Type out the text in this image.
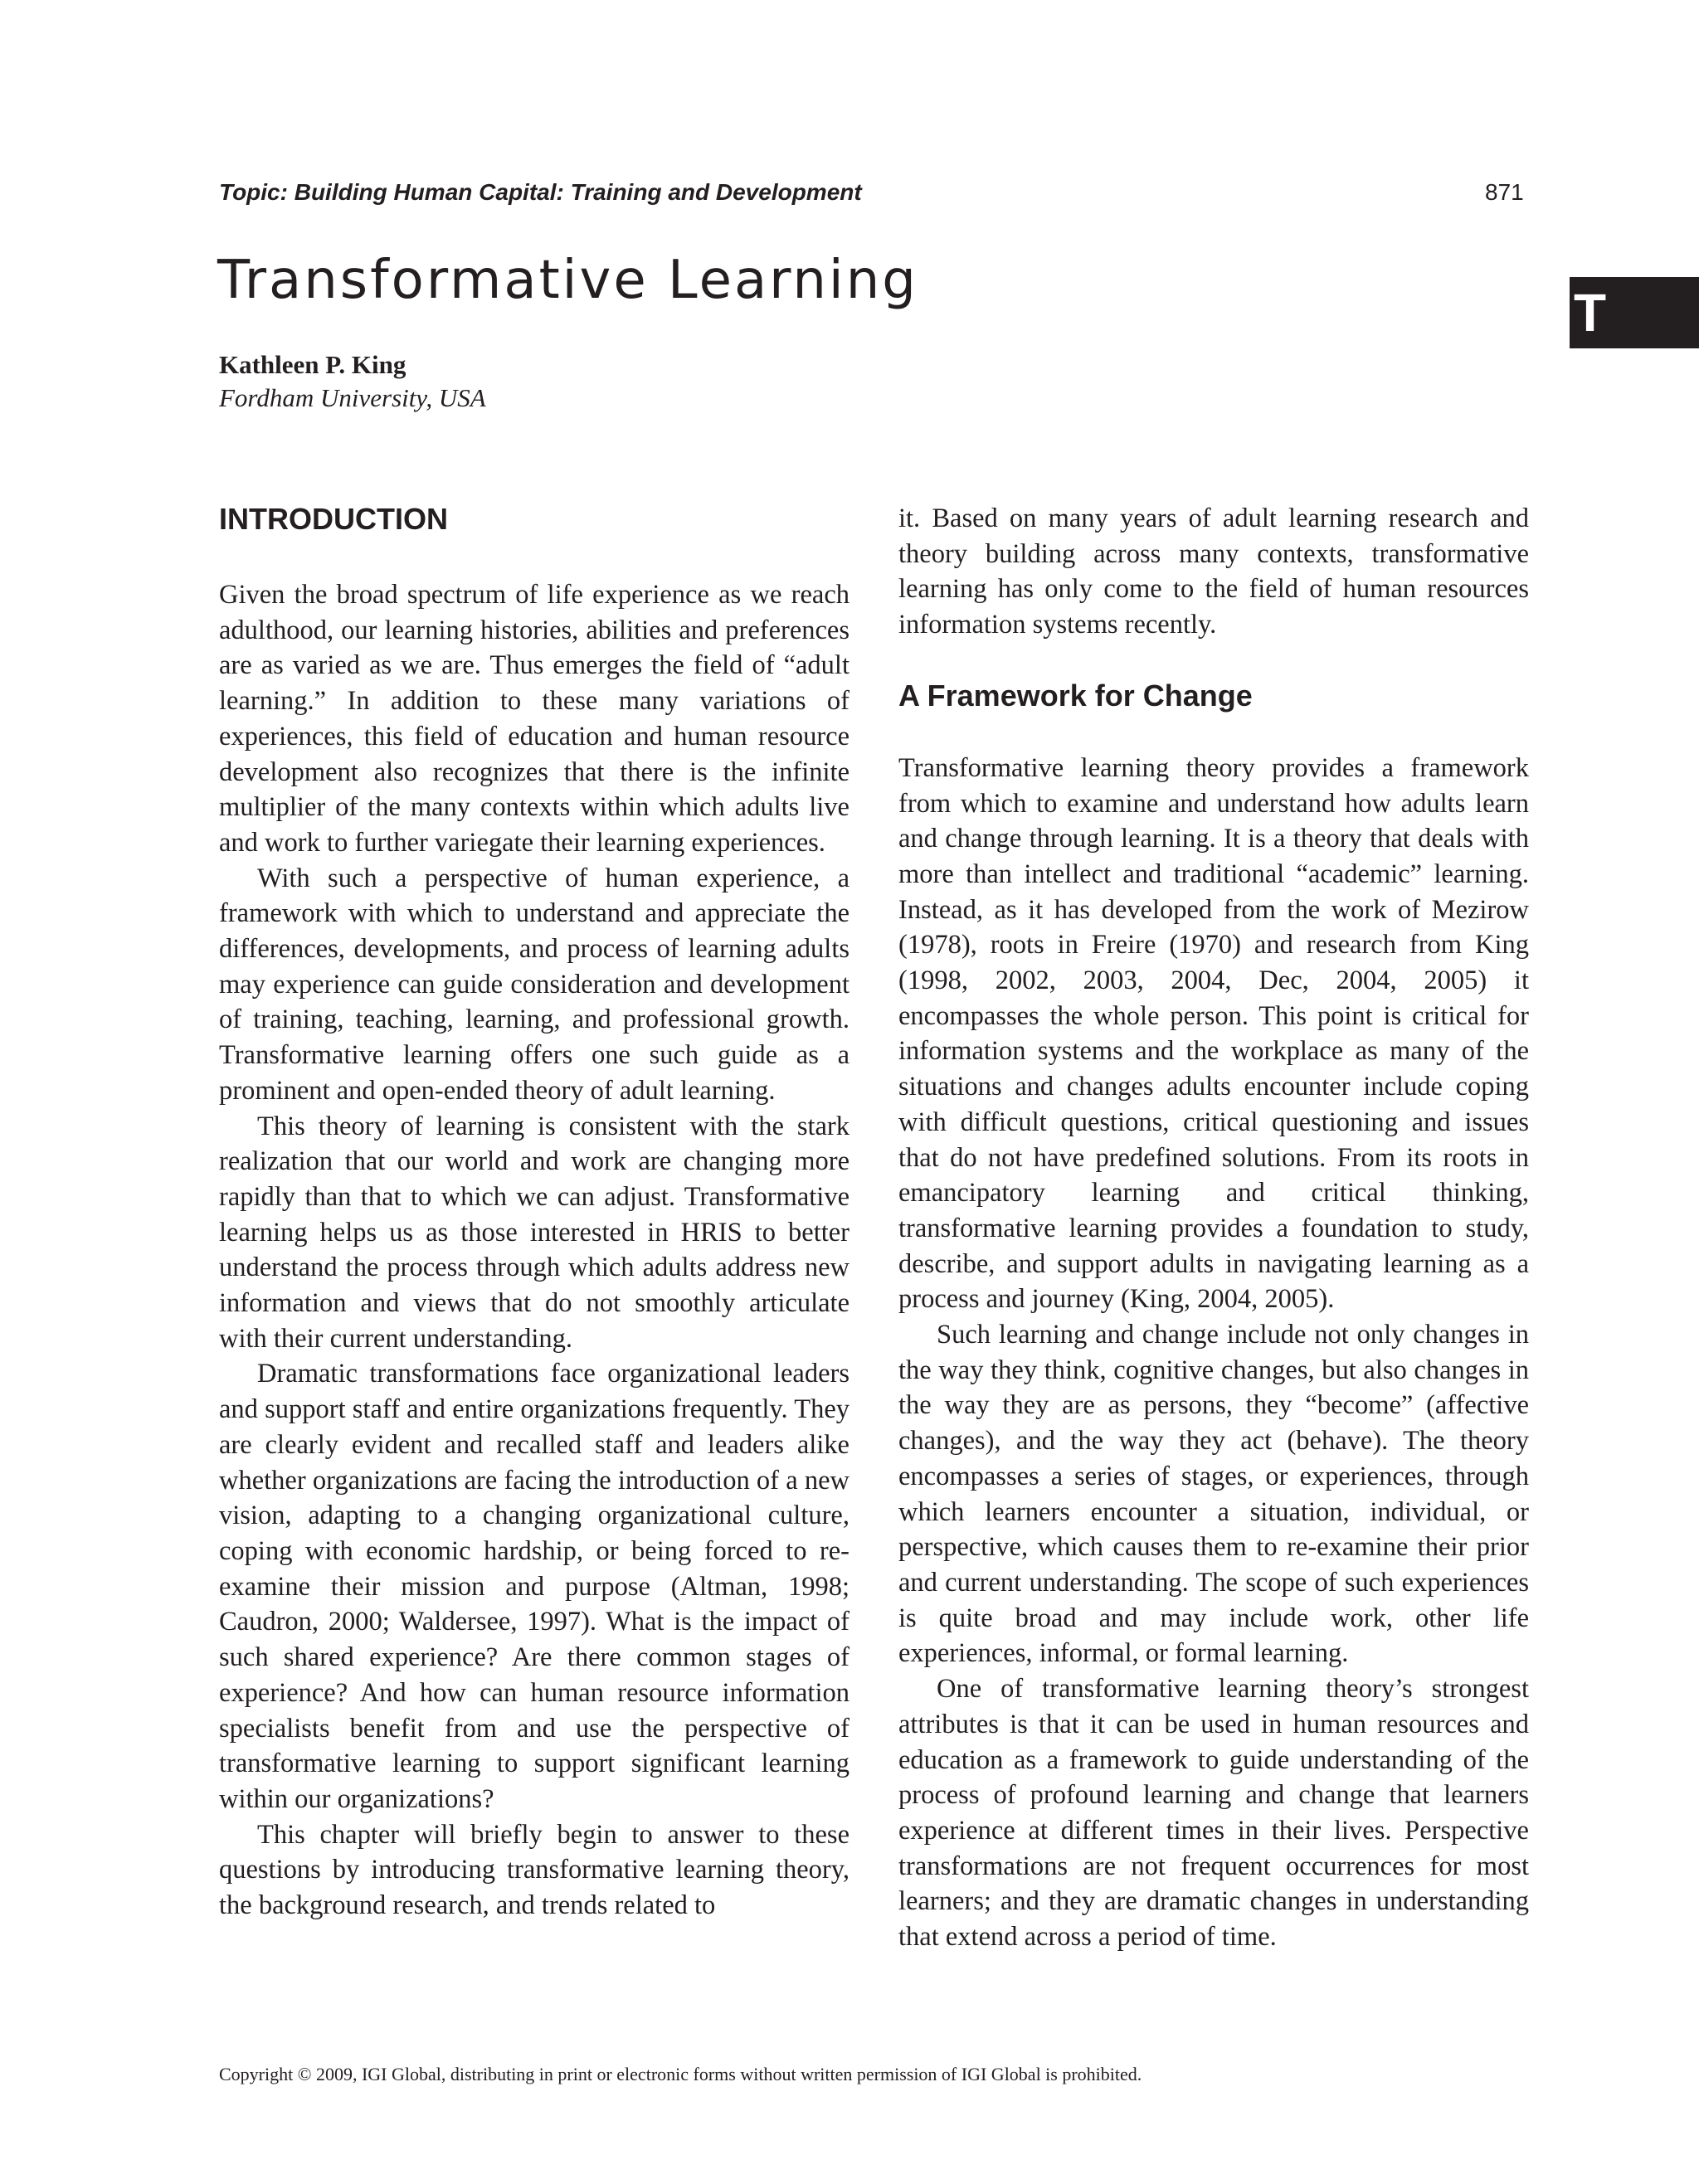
Topic: Building Human Capital: Training and Development	871

Transformative Learning
T
Kathleen P. King
Fordham University, USA
INTRODUCTION

Given the broad spectrum of life experience as we reach adulthood, our learning histories, abilities and preferences are as varied as we are. Thus emerges the field of “adult learning.” In addition to these many variations of experiences, this field of education and human resource development also recognizes that there is the infinite multiplier of the many contexts within which adults live and work to further variegate their learning experiences.

With such a perspective of human experience, a framework with which to understand and appreciate the differences, developments, and process of learning adults may experience can guide consideration and development of training, teaching, learning, and professional growth. Transformative learning offers one such guide as a prominent and open-ended theory of adult learning.

This theory of learning is consistent with the stark realization that our world and work are changing more rapidly than that to which we can adjust. Transformative learning helps us as those interested in HRIS to better understand the process through which adults address new information and views that do not smoothly articulate with their current understanding.

Dramatic transformations face organizational leaders and support staff and entire organizations frequently. They are clearly evident and recalled staff and leaders alike whether organizations are facing the introduction of a new vision, adapting to a changing organizational culture, coping with economic hardship, or being forced to re-examine their mission and purpose (Altman, 1998; Caudron, 2000; Waldersee, 1997). What is the impact of such shared experience? Are there common stages of experience? And how can human resource information specialists benefit from and use the perspective of transformative learning to support significant learning within our organizations?

This chapter will briefly begin to answer to these questions by introducing transformative learning theory, the background research, and trends related to

it. Based on many years of adult learning research and theory building across many contexts, transformative learning has only come to the field of human resources information systems recently.

A Framework for Change

Transformative learning theory provides a framework from which to examine and understand how adults learn and change through learning. It is a theory that deals with more than intellect and traditional “academic” learning. Instead, as it has developed from the work of Mezirow (1978), roots in Freire (1970) and research from King (1998, 2002, 2003, 2004, Dec, 2004, 2005) it encompasses the whole person. This point is critical for information systems and the workplace as many of the situations and changes adults encounter include coping with difficult questions, critical questioning and issues that do not have predefined solutions. From its roots in emancipatory learning and critical thinking, transformative learning provides a foundation to study, describe, and support adults in navigating learning as a process and journey (King, 2004, 2005).

Such learning and change include not only changes in the way they think, cognitive changes, but also changes in the way they are as persons, they “become” (affective changes), and the way they act (behave). The theory encompasses a series of stages, or experiences, through which learners encounter a situation, individual, or perspective, which causes them to re-examine their prior and current understanding. The scope of such experiences is quite broad and may include work, other life experiences, informal, or formal learning.

One of transformative learning theory’s strongest attributes is that it can be used in human resources and education as a framework to guide understanding of the process of profound learning and change that learners experience at different times in their lives. Perspective transformations are not frequent occurrences for most learners; and they are dramatic changes in understanding that extend across a period of time.

Copyright © 2009, IGI Global, distributing in print or electronic forms without written permission of IGI Global is prohibited.
